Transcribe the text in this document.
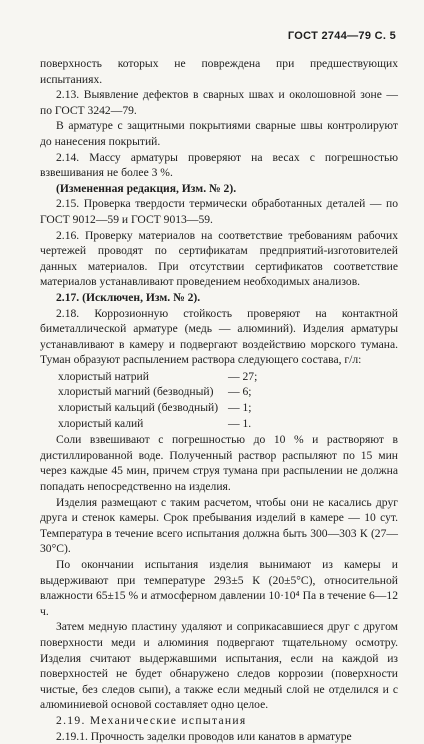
ГОСТ 2744—79 С. 5

поверхность которых не повреждена при предшествующих испытаниях.

2.13. Выявление дефектов в сварных швах и околошовной зоне — по ГОСТ 3242—79.

В арматуре с защитными покрытиями сварные швы контролируют до нанесения покрытий.

2.14. Массу арматуры проверяют на весах с погрешностью взвешивания не более 3 %.

(Измененная редакция, Изм. № 2).

2.15. Проверка твердости термически обработанных деталей — по ГОСТ 9012—59 и ГОСТ 9013—59.

2.16. Проверку материалов на соответствие требованиям рабочих чертежей проводят по сертификатам предприятий-изготовителей данных материалов. При отсутствии сертификатов соответствие материалов устанавливают проведением необходимых анализов.

2.17. (Исключен, Изм. № 2).

2.18. Коррозионную стойкость проверяют на контактной биметаллической арматуре (медь — алюминий). Изделия арматуры устанавливают в камеру и подвергают воздействию морского тумана. Туман образуют распылением раствора следующего состава, г/л:

хлористый натрий	— 27;
хлористый магний (безводный)	— 6;
хлористый кальций (безводный) — 1;
хлористый калий	— 1.

Соли взвешивают с погрешностью до 10 % и растворяют в дистиллированной воде. Полученный раствор распыляют по 15 мин через каждые 45 мин, причем струя тумана при распылении не должна попадать непосредственно на изделия.

Изделия размещают с таким расчетом, чтобы они не касались друг друга и стенок камеры. Срок пребывания изделий в камере — 10 сут. Температура в течение всего испытания должна быть 300—303 К (27—30°С).

По окончании испытания изделия вынимают из камеры и выдерживают при температуре 293±5 К (20±5°С), относительной влажности 65±15 % и атмосферном давлении 10·10⁴ Па в течение 6—12 ч.

Затем медную пластину удаляют и соприкасавшиеся друг с другом поверхности меди и алюминия подвергают тщательному осмотру. Изделия считают выдержавшими испытания, если на каждой из поверхностей не будет обнаружено следов коррозии (поверхности чистые, без следов сыпи), а также если медный слой не отделился и с алюминиевой основой составляет одно целое.

2.19. Механические испытания

2.19.1. Прочность заделки проводов или канатов в арматуре
